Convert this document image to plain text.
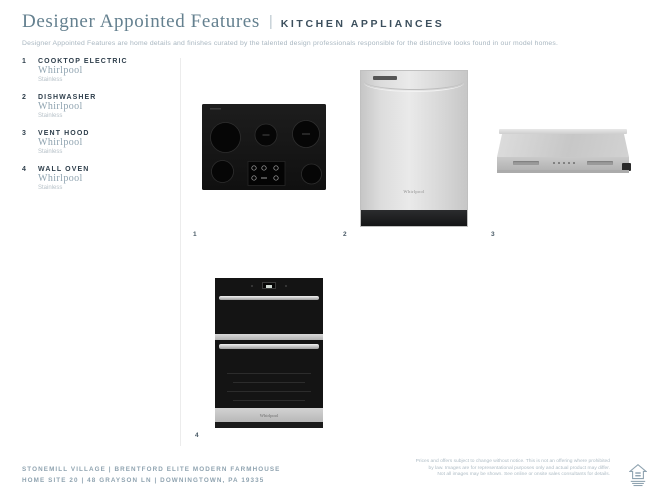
Designer Appointed Features | KITCHEN APPLIANCES
Designer Appointed Features are home details and finishes curated by the talented design professionals responsible for the distinctive looks found in our model homes.
1	COOKTOP ELECTRIC
Whirlpool
Stainless
2	DISHWASHER
Whirlpool
Stainless
3	VENT HOOD
Whirlpool
Stainless
4	WALL OVEN
Whirlpool
Stainless
1
Whirlpool
2	3
Whirlpool
4
STONEMILL VILLAGE | BRENTFORD ELITE MODERN FARMHOUSE
HOME SITE 20 | 48 GRAYSON LN | DOWNINGTOWN, PA 19335
Prices and offers subject to change without notice. This is not an offering where prohibited
by law. Images are for representational purposes only and actual product may differ.
Not all images may be shown. See online or onsite sales consultants for details.
